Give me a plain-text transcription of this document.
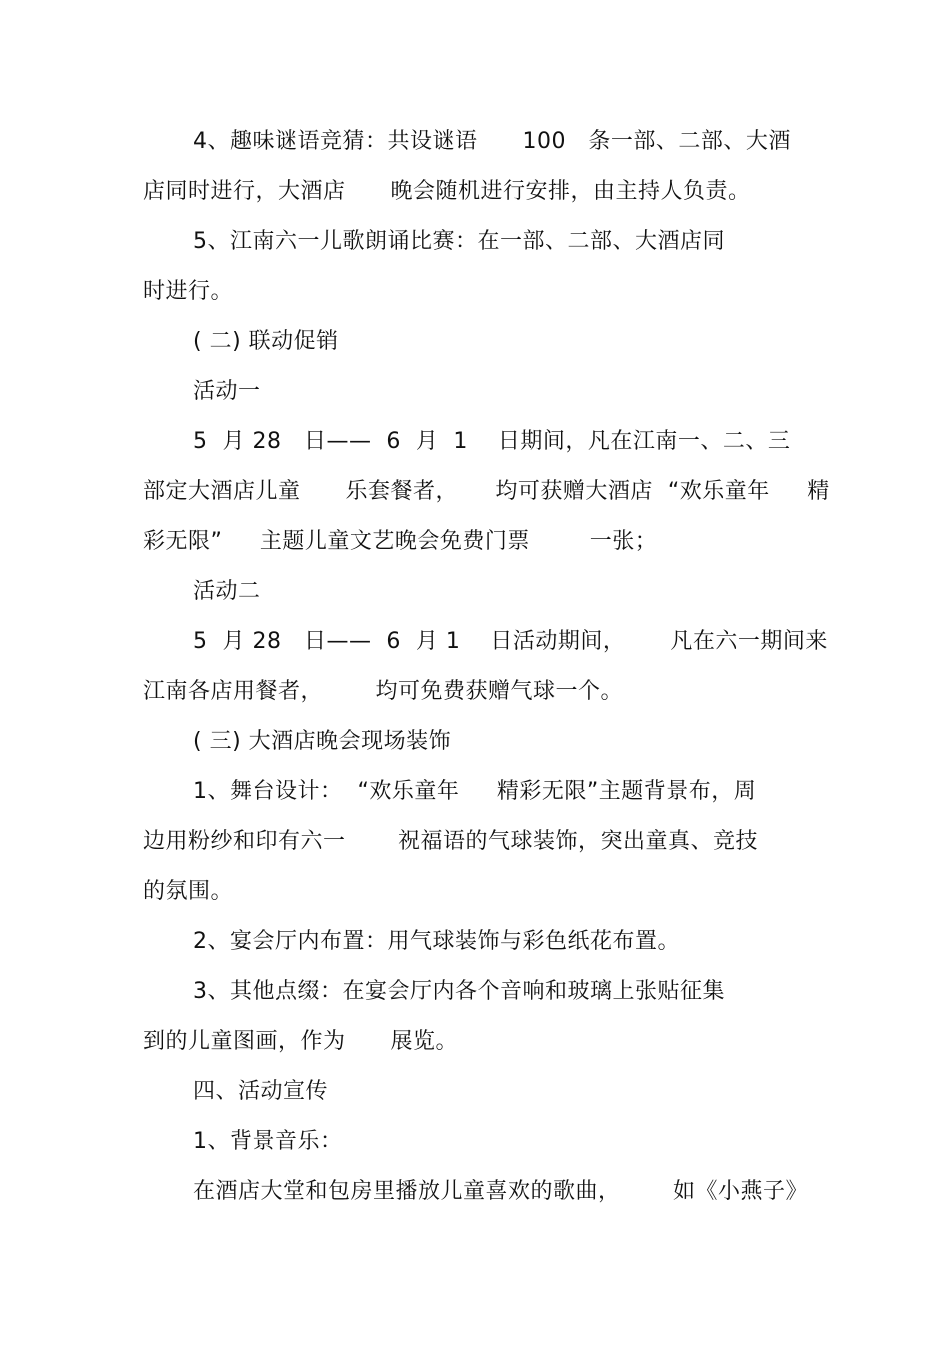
4、趣味谜语竞猜：共设谜语      100   条一部、二部、大酒
店同时进行，大酒店      晚会随机进行安排，由主持人负责。
5、江南六一儿歌朗诵比赛：在一部、二部、大酒店同
时进行。
( 二) 联动促销
活动一
5  月 28   日——  6  月  1    日期间，凡在江南一、二、三
部定大酒店儿童      乐套餐者，     均可获赠大酒店  “欢乐童年     精
彩无限”     主题儿童文艺晚会免费门票        一张；
活动二
5  月 28   日——  6  月 1    日活动期间，      凡在六一期间来
江南各店用餐者，       均可免费获赠气球一个。
( 三) 大酒店晚会现场装饰
1、舞台设计：  “欢乐童年     精彩无限”主题背景布，周
边用粉纱和印有六一       祝福语的气球装饰，突出童真、竞技
的氛围。
2、宴会厅内布置：用气球装饰与彩色纸花布置。
3、其他点缀：在宴会厅内各个音响和玻璃上张贴征集
到的儿童图画，作为      展览。
四、活动宣传
1、背景音乐：
在酒店大堂和包房里播放儿童喜欢的歌曲，       如《小燕子》
